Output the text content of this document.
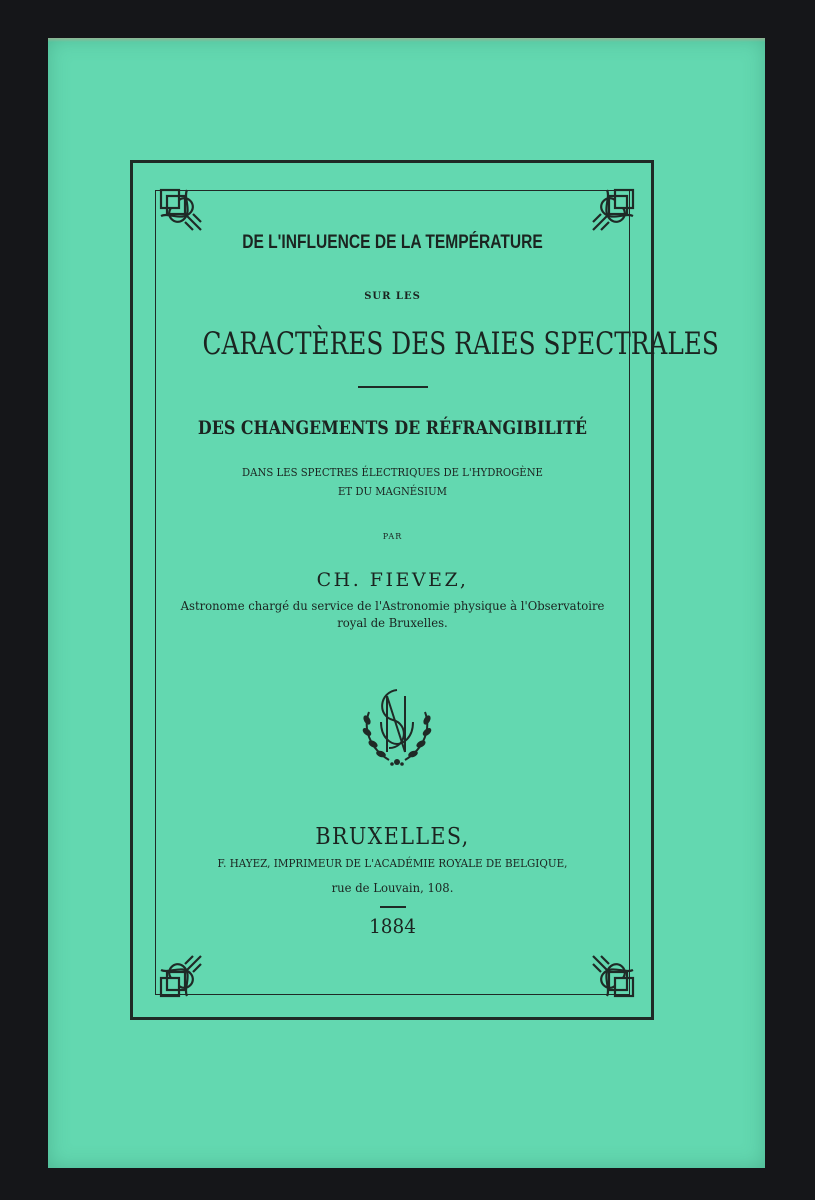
DE L'INFLUENCE DE LA TEMPÉRATURE
SUR LES
CARACTÈRES DES RAIES SPECTRALES
DES CHANGEMENTS DE RÉFRANGIBILITÉ
DANS LES SPECTRES ÉLECTRIQUES DE L'HYDROGÈNE
ET DU MAGNÉSIUM
PAR
CH. FIEVEZ,
Astronome chargé du service de l'Astronomie physique à l'Observatoire
royal de Bruxelles.
BRUXELLES,
F. HAYEZ, IMPRIMEUR DE L'ACADÉMIE ROYALE DE BELGIQUE,
rue de Louvain, 108.
1884
